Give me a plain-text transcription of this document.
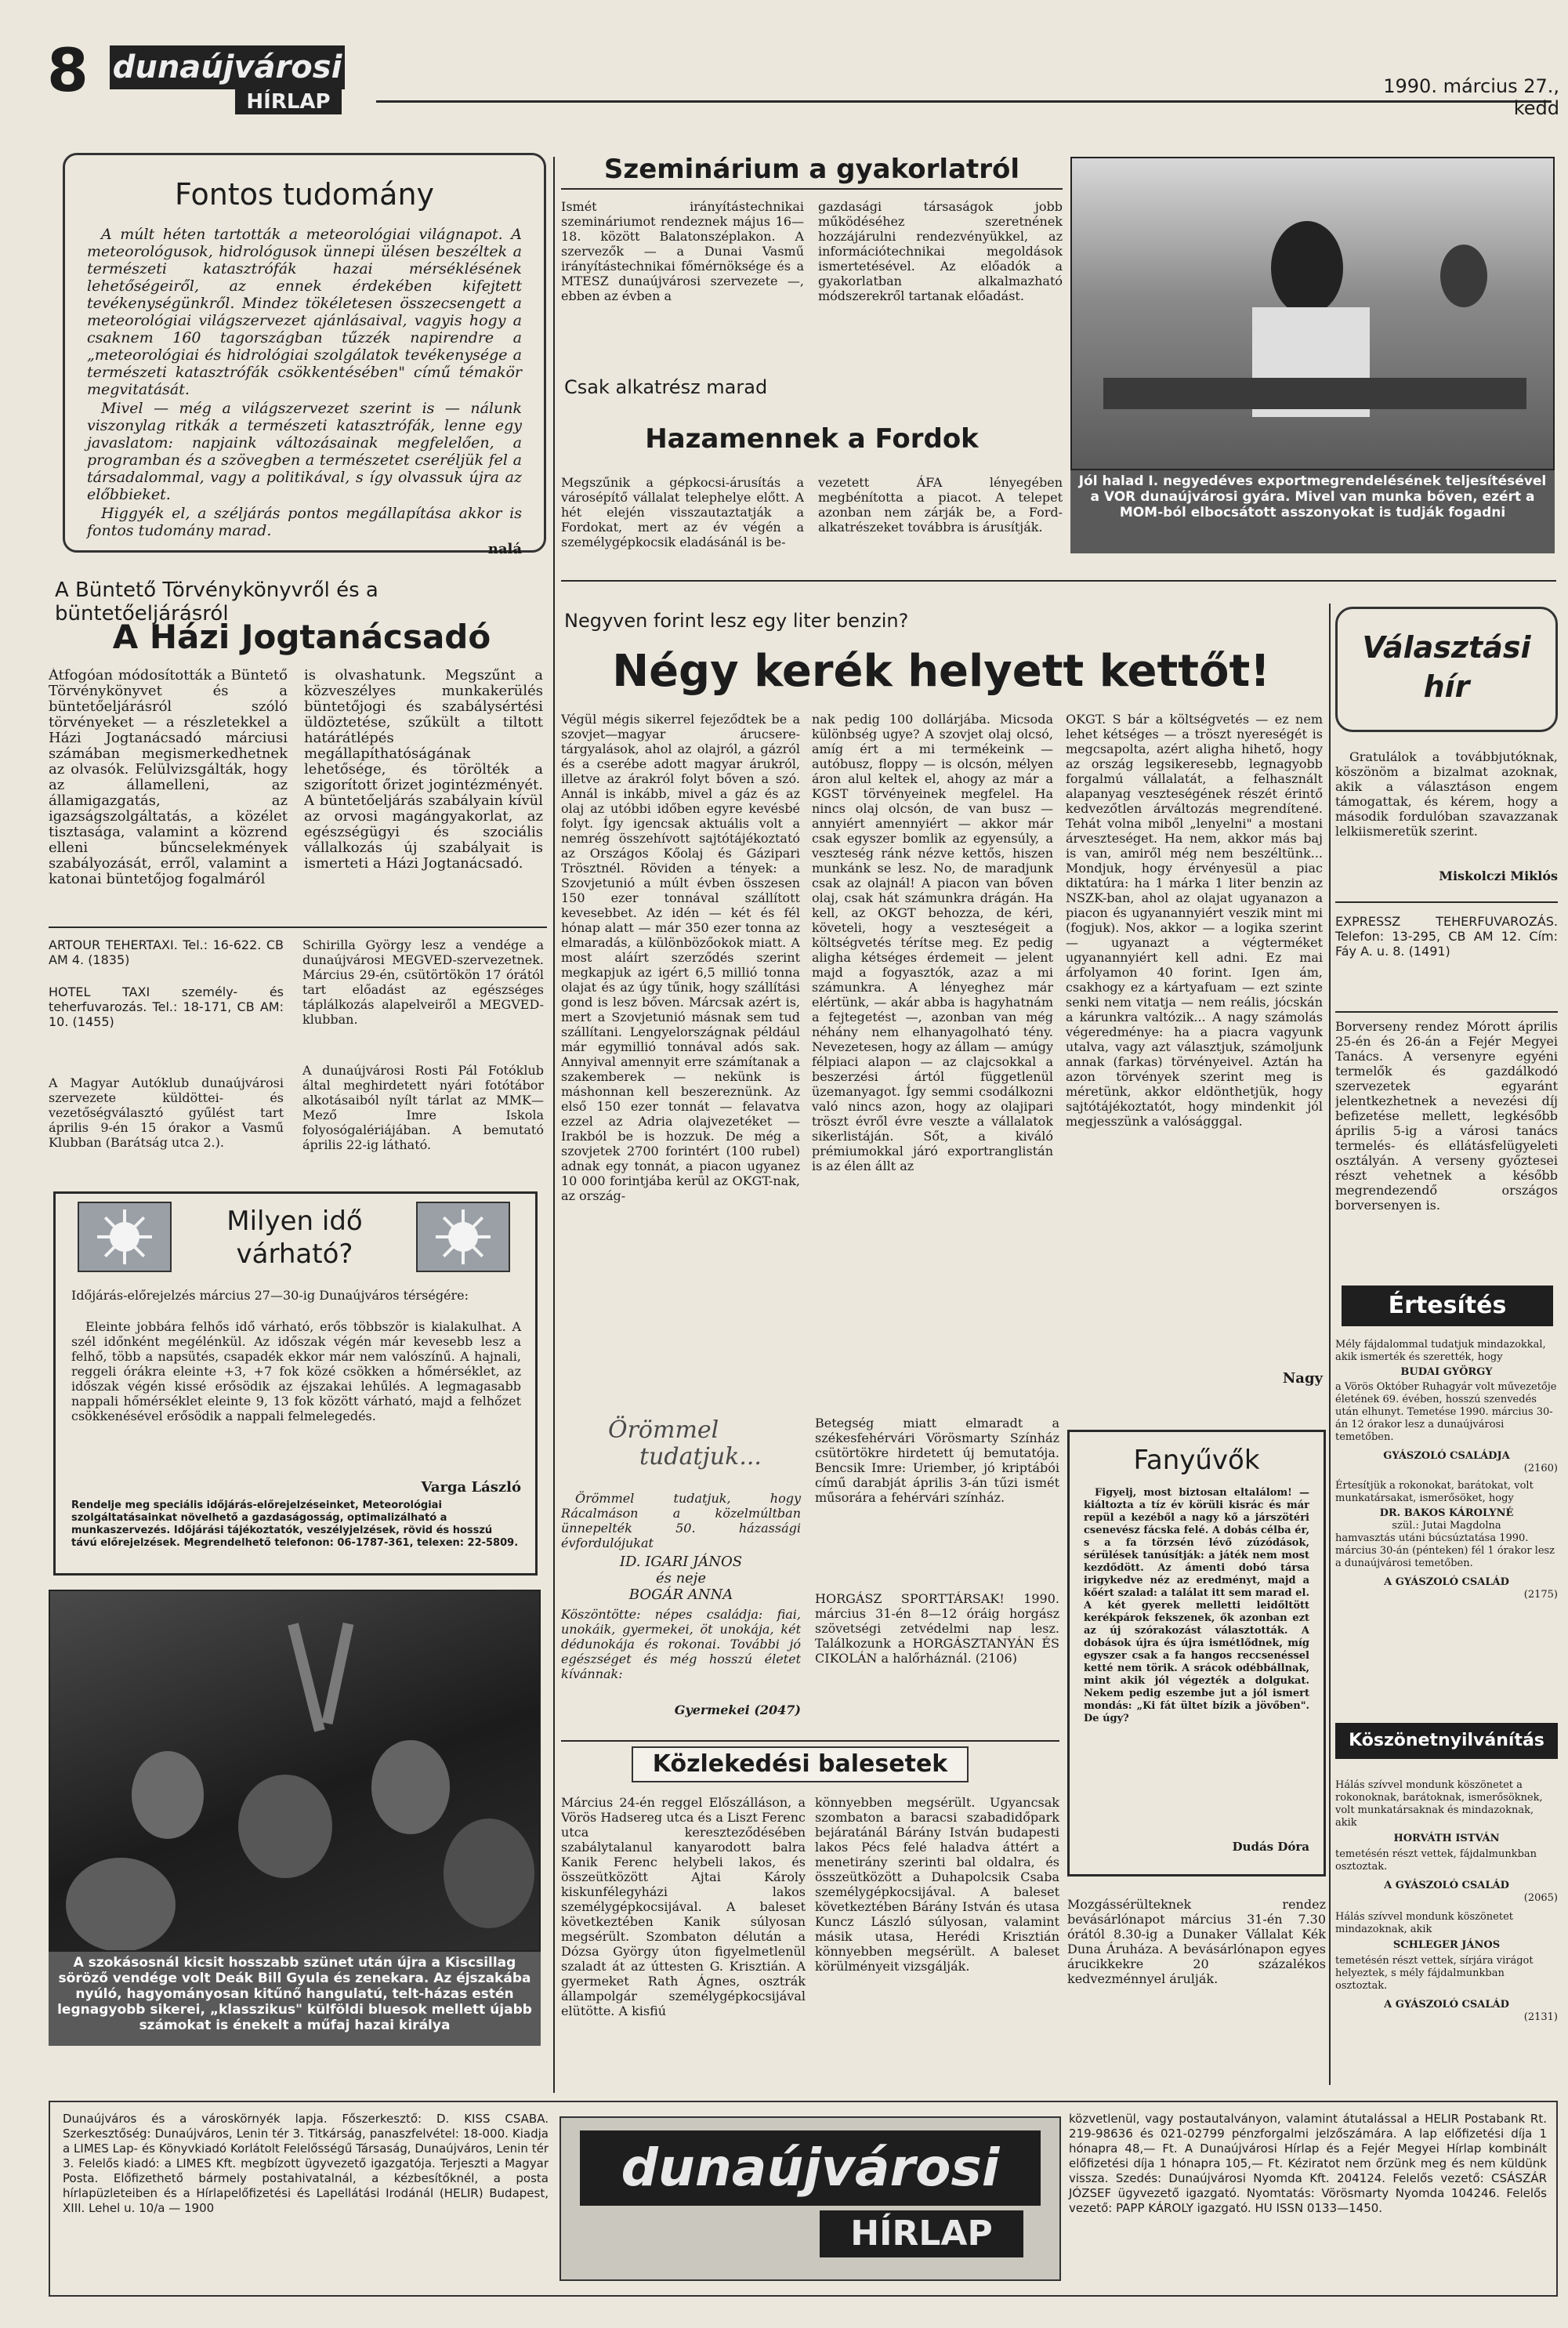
8 dunaújvárosi
HÍRLAP
1990. március 27., kedd
Fontos tudomány

A múlt héten tartották a meteorológiai világnapot. A meteorológusok, hidrológusok ünnepi ülésen beszéltek a természeti katasztrófák hazai mérséklésének lehetőségeiről, az ennek érdekében kifejtett tevékenységünkről. Mindez tökéletesen összecsengett a meteorológiai világszervezet ajánlásaival, vagyis hogy a csaknem 160 tagországban tűzzék napirendre a „meteorológiai és hidrológiai szolgálatok tevékenysége a természeti katasztrófák csökkentésében" című témakör megvitatását.

Mivel — még a világszervezet szerint is — nálunk viszonylag ritkák a természeti katasztrófák, lenne egy javaslatom: napjaink változásainak megfelelően, a programban és a szövegben a természetet cseréljük fel a társadalommal, vagy a politikával, s így olvassuk újra az előbbieket.

Higgyék el, a széljárás pontos megállapítása akkor is fontos tudomány marad.

nalá
A Büntető Törvénykönyvről és a büntetőeljárásról
A Házi Jogtanácsadó
Átfogóan módosították a Büntető Törvénykönyvet és a büntetőeljárásról szóló törvényeket — a részletekkel a Házi Jogtanácsadó márciusi számában megismerkedhetnek az olvasók. Felülvizsgálták, hogy az államelleni, az államigazgatás, az igazságszolgáltatás, a közélet tisztasága, valamint a közrend elleni bűncselekmények szabályozását, erről, valamint a katonai büntetőjog fogalmáról
is olvashatunk. Megszűnt a közveszélyes munkakerülés büntetőjogi és szabálysértési üldöztetése, szűkült a tiltott határátlépés megállapíthatóságának lehetősége, és törölték a szigorított őrizet jogintézményét. A büntetőeljárás szabályain kívül az orvosi magángyakorlat, az egészségügyi és szociális vállalkozás új szabályait is ismerteti a Házi Jogtanácsadó.
ARTOUR TEHERTAXI. Tel.: 16-622. CB AM 4. (1835)
HOTEL TAXI személy- és teherfuvarozás. Tel.: 18-171, CB AM: 10. (1455)
A Magyar Autóklub dunaújvárosi szervezete küldöttei- és vezetőségválasztó gyűlést tart április 9-én 15 órakor a Vasmű Klubban (Barátság utca 2.).
Schirilla György lesz a vendége a dunaújvárosi MEGVED-szervezetnek. Március 29-én, csütörtökön 17 órától tart előadást az egészséges táplálkozás alapelveiről a MEGVED-klubban.
A dunaújvárosi Rosti Pál Fotóklub által meghirdetett nyári fotótábor alkotásaiból nyílt tárlat az MMK—Mező Imre Iskola folyosógalériájában. A bemutató április 22-ig látható.
Milyen idő
várható?
Időjárás-előrejelzés március 27—30-ig Dunaújváros térségére:
Eleinte jobbára felhős idő várható, erős többször is kialakulhat. A szél időnként megélénkül. Az időszak végén már kevesebb lesz a felhő, több a napsütés, csapadék ekkor már nem valószínű. A hajnali, reggeli órákra eleinte +3, +7 fok közé csökken a hőmérséklet, az időszak végén kissé erősödik az éjszakai lehűlés. A legmagasabb nappali hőmérséklet eleinte 9, 13 fok között várható, majd a felhőzet csökkenésével erősödik a nappali felmelegedés.
Varga László
Rendelje meg speciális időjárás-előrejelzéseinket, Meteorológiai szolgáltatásainkat növelhető a gazdaságosság, optimalizálható a munkaszervezés. Időjárási tájékoztatók, veszélyjelzések, rövid és hosszú távú előrejelzések. Megrendelhető telefonon: 06-1787-361, telexen: 22-5809.
A szokásosnál kicsit hosszabb szünet után újra a Kiscsillag söröző vendége volt Deák Bill Gyula és zenekara. Az éjszakába nyúló, hagyományosan kitűnő hangulatú, telt-házas estén legnagyobb sikerei, „klasszikus" külföldi bluesok mellett újabb számokat is énekelt a műfaj hazai királya
Szeminárium a gyakorlatról
Ismét irányítástechnikai szemináriumot rendeznek május 16—18. között Balatonszéplakon. A szervezők — a Dunai Vasmű irányítástechnikai főmérnöksége és a MTESZ dunaújvárosi szervezete —, ebben az évben a
gazdasági társaságok jobb működéséhez szeretnének hozzájárulni rendezvényükkel, az információtechnikai megoldások ismertetésével. Az előadók a gyakorlatban alkalmazható módszerekről tartanak előadást.
Jól halad I. negyedéves exportmegrendelésének teljesítésével a VOR dunaújvárosi gyára. Mivel van munka bőven, ezért a MOM-ból elbocsátott asszonyokat is tudják fogadni
Csak alkatrész marad
Hazamennek a Fordok
Megszűnik a gépkocsi-árusítás a városépítő vállalat telephelye előtt. A hét elején visszautaztatják a Fordokat, mert az év végén a személygépkocsik eladásánál is be-
vezetett ÁFA lényegében megbénította a piacot. A telepet azonban nem zárják be, a Ford-alkatrészeket továbbra is árusítják.
Negyven forint lesz egy liter benzin?
Négy kerék helyett kettőt!
Végül mégis sikerrel fejeződtek be a szovjet—magyar árucsere-tárgyalások, ahol az olajról, a gázról és a cserébe adott magyar árukról, illetve az árakról folyt bőven a szó. Annál is inkább, mivel a gáz és az olaj az utóbbi időben egyre kevésbé folyt. Így igencsak aktuális volt a nemrég összehívott sajtótájékoztató az Országos Kőolaj és Gázipari Trösztnél. Röviden a tények: a Szovjetunió a múlt évben összesen 150 ezer tonnával szállított kevesebbet. Az idén — két és fél hónap alatt — már 350 ezer tonna az elmaradás, a különbözőokok miatt. A most aláírt szerződés szerint megkapjuk az igért 6,5 millió tonna olajat és az úgy tűnik, hogy szállítási gond is lesz bőven. Márcsak azért is, mert a Szovjetunió másnak sem tud szállítani. Lengyelországnak például már egymillió tonnával adós sak. Annyival amennyit erre számítanak a szakemberek — nekünk is máshonnan kell beszereznünk. Az első 150 ezer tonnát — felavatva ezzel az Adria olajvezetéket — Irakból be is hozzuk. De még a szovjetek 2700 forintért (100 rubel) adnak egy tonnát, a piacon ugyanez 10 000 forintjába kerül az OKGT-nak, az ország-
nak pedig 100 dollárjába. Micsoda különbség ugye? A szovjet olaj olcsó, amíg ért a mi termékeink — autóbusz, floppy — is olcsón, mélyen áron alul keltek el, ahogy az már a KGST törvényeinek megfelel. Ha nincs olaj olcsón, de van busz — annyiért amennyiért — akkor már csak egyszer bomlik az egyensúly, a veszteség ránk nézve kettős, hiszen munkánk se lesz. No, de maradjunk csak az olajnál! A piacon van bőven olaj, csak hát számunkra drágán. Ha kell, az OKGT behozza, de kéri, követeli, hogy a veszteségeit a költségvetés térítse meg. Ez pedig aligha kétséges érdemeit — jelent majd a fogyasztók, azaz a mi számunkra. A lényeghez már elértünk, — akár abba is hagyhatnám a fejtegetést —, azonban van még néhány nem elhanyagolható tény. Nevezetesen, hogy az állam — amúgy félpiaci alapon — az clajcsokkal a beszerzési ártól függetlenül üzemanyagot. Így semmi csodálkozni való nincs azon, hogy az olajipari tröszt évről évre veszte a vállalatok sikerlistáján. Sőt, a kiváló prémiumokkal járó exportranglistán is az élen állt az
OKGT. S bár a költségvetés — ez nem lehet kétséges — a tröszt nyereségét is megcsapolta, azért aligha hihető, hogy az ország legsikeresebb, legnagyobb forgalmú vállalatát, a felhasznált alapanyag veszteségének részét érintő kedvezőtlen árváltozás megrendítené. Tehát volna miből „lenyelni" a mostani árveszteséget. Ha nem, akkor más baj is van, amiről még nem beszéltünk... Mondjuk, hogy érvényesül a piac diktatúra: ha 1 márka 1 liter benzin az NSZK-ban, ahol az olajat ugyanazon a piacon és ugyanannyiért veszik mint mi (fogjuk). Nos, akkor — a logika szerint — ugyanazt a végterméket ugyanannyiért kell adni. Ez mai árfolyamon 40 forint. Igen ám, csakhogy ez a kártyafuam — ezt szinte senki nem vitatja — nem reális, jócskán a kárunkra valtózik... A nagy számolás végeredménye: ha a piacra vagyunk utalva, vagy azt választjuk, számoljunk annak (farkas) törvényeivel. Aztán ha azon törvények szerint meg is méretünk, akkor eldönthetjük, hogy sajtótájékoztatót, hogy mindenkit jól megjesszünk a valóságggal.
Nagy
Örömmel
tudatjuk...
Örömmel tudatjuk, hogy Rácalmáson a közelmúltban ünnepelték 50. házassági évfordulójukat
ID. IGARI JÁNOS
és neje
BOGÁR ANNA
Köszöntötte: népes családja: fiai, unokáik, gyermekei, öt unokája, két dédunokája és rokonai. További jó egészséget és még hosszú életet kívánnak:
Gyermekei (2047)
Betegség miatt elmaradt a székesfehérvári Vörösmarty Színház csütörtökre hirdetett új bemutatója. Bencsik Imre: Uriember, jó kriptábói című darabját április 3-án tűzi ismét műsorára a fehérvári színház.
HORGÁSZ SPORTTÁRSAK! 1990. március 31-én 8—12 óráig horgász szövetségi zetvédelmi nap lesz. Találkozunk a HORGÁSZTANYÁN ÉS CIKOLÁN a halőrháznál. (2106)
Fanyűvők
Figyelj, most biztosan eltalálom! — kiáltozta a tíz év körüli kisrác és már repül a kezéből a nagy kő a járszötéri csenevész fácska felé. A dobás célba ér, s a fa törzsén lévő zúzódások, sérülések tanúsítják: a játék nem most kezdődött. Az ámenti dobó társa irigykedve néz az eredményt, majd a kőért szalad: a találat itt sem marad el. A két gyerek melletti leidőltött kerékpárok fekszenek, ők azonban ezt az új szórakozást választották. A dobások újra és újra ismétlődnek, míg egyszer csak a fa hangos reccsenéssel ketté nem törik. A srácok odébbállnak, mint akik jól végezték a dolgukat. Nekem pedig eszembe jut a jól ismert mondás: „Ki fát ültet bízik a jövőben". De úgy?
Dudás Dóra
Közlekedési balesetek
Március 24-én reggel Előszálláson, a Vörös Hadsereg utca és a Liszt Ferenc utca kereszteződésében szabálytalanul kanyarodott balra Kanik Ferenc helybeli lakos, és összeütközött Ajtai Károly kiskunfélegyházi lakos személygépkocsijával. A baleset következtében Kanik súlyosan megsérült. Szombaton délután a Dózsa György úton figyelmetlenül szaladt át az úttesten G. Krisztián. A gyermeket Rath Ágnes, osztrák állampolgár személygépkocsijával elütötte. A kisfiú
könnyebben megsérült. Ugyancsak szombaton a baracsi szabadidőpark bejáratánál Bárány István budapesti lakos Pécs felé haladva áttért a menetirány szerinti bal oldalra, és összeütközött a Duhapolcsik Csaba személygépkocsijával. A baleset következtében Bárány István és utasa Kuncz László súlyosan, valamint másik utasa, Herédi Krisztián könnyebben megsérült. A baleset körülményeit vizsgálják.
Mozgássérülteknek rendez bevásárlónapot március 31-én 7.30 órától 8.30-ig a Dunaker Vállalat Kék Duna Áruháza. A bevásárlónapon egyes árucikkekre 20 százalékos kedvezménnyel árulják.
Választási
hír
Gratulálok a továbbjutóknak, köszönöm a bizalmat azoknak, akik a választáson engem támogattak, és kérem, hogy a második fordulóban szavazzanak lelkiismeretük szerint.
Miskolczi Miklós
EXPRESSZ TEHERFUVAROZÁS. Telefon: 13-295, CB AM 12. Cím: Fáy A. u. 8. (1491)
Borverseny rendez Mórott április 25-én és 26-án a Fejér Megyei Tanács. A versenyre egyéni termelők és gazdálkodó szervezetek egyaránt jelentkezhetnek a nevezési díj befizetése mellett, legkésőbb április 5-ig a városi tanács termelés- és ellátásfelügyeleti osztályán. A verseny győztesei részt vehetnek a később megrendezendő országos borversenyen is.
Értesítés
Mély fájdalommal tudatjuk mindazokkal, akik ismerték és szerették, hogy
BUDAI GYÖRGY
a Vörös Október Ruhagyár volt művezetője életének 69. évében, hosszú szenvedés után elhunyt. Temetése 1990. március 30-án 12 órakor lesz a dunaújvárosi temetőben.
GYÁSZOLÓ CSALÁDJA
(2160)
Értesítjük a rokonokat, barátokat, volt munkatársakat, ismerősöket, hogy
DR. BAKOS KÁROLYNÉ
szül.: Jutai Magdolna
hamvasztás utáni búcsúztatása 1990. március 30-án (pénteken) fél 1 órakor lesz a dunaújvárosi temetőben.
A GYÁSZOLÓ CSALÁD
(2175)
Köszönetnyilvánítás
Hálás szívvel mondunk köszönetet a rokonoknak, barátoknak, ismerősöknek, volt munkatársaknak és mindazoknak, akik
HORVÁTH ISTVÁN
temetésén részt vettek, fájdalmunkban osztoztak.
A GYÁSZOLÓ CSALÁD
(2065)
Hálás szívvel mondunk köszönetet mindazoknak, akik
SCHLEGER JÁNOS
temetésén részt vettek, sírjára virágot helyeztek, s mély fájdalmunkban osztoztak.
A GYÁSZOLÓ CSALÁD
(2131)
Dunaújváros és a városkörnyék lapja. Főszerkesztő: D. KISS CSABA. Szerkesztőség: Dunaújváros, Lenin tér 3. Titkárság, panaszfelvétel: 18-000. Kiadja a LIMES Lap- és Könyvkiadó Korlátolt Felelősségű Társaság, Dunaújváros, Lenin tér 3. Felelős kiadó: a LIMES Kft. megbízott ügyvezető igazgatója. Terjeszti a Magyar Posta. Előfizethető bármely postahivatalnál, a kézbesítőknél, a posta hírlapüzleteiben és a Hírlapelőfizetési és Lapellátási Irodánál (HELIR) Budapest, XIII. Lehel u. 10/a — 1900
dunaújvárosi
HÍRLAP
közvetlenül, vagy postautalványon, valamint átutalással a HELIR Postabank Rt. 219-98636 és 021-02799 pénzforgalmi jelzőszámára. A lap előfizetési díja 1 hónapra 48,— Ft. A Dunaújvárosi Hírlap és a Fejér Megyei Hírlap kombinált előfizetési díja 1 hónapra 105,— Ft. Kéziratot nem őrzünk meg és nem küldünk vissza. Szedés: Dunaújvárosi Nyomda Kft. 204124. Felelős vezető: CSÁSZÁR JÓZSEF ügyvezető igazgató. Nyomtatás: Vörösmarty Nyomda 104246. Felelős vezető: PAPP KÁROLY igazgató. HU ISSN 0133—1450.
